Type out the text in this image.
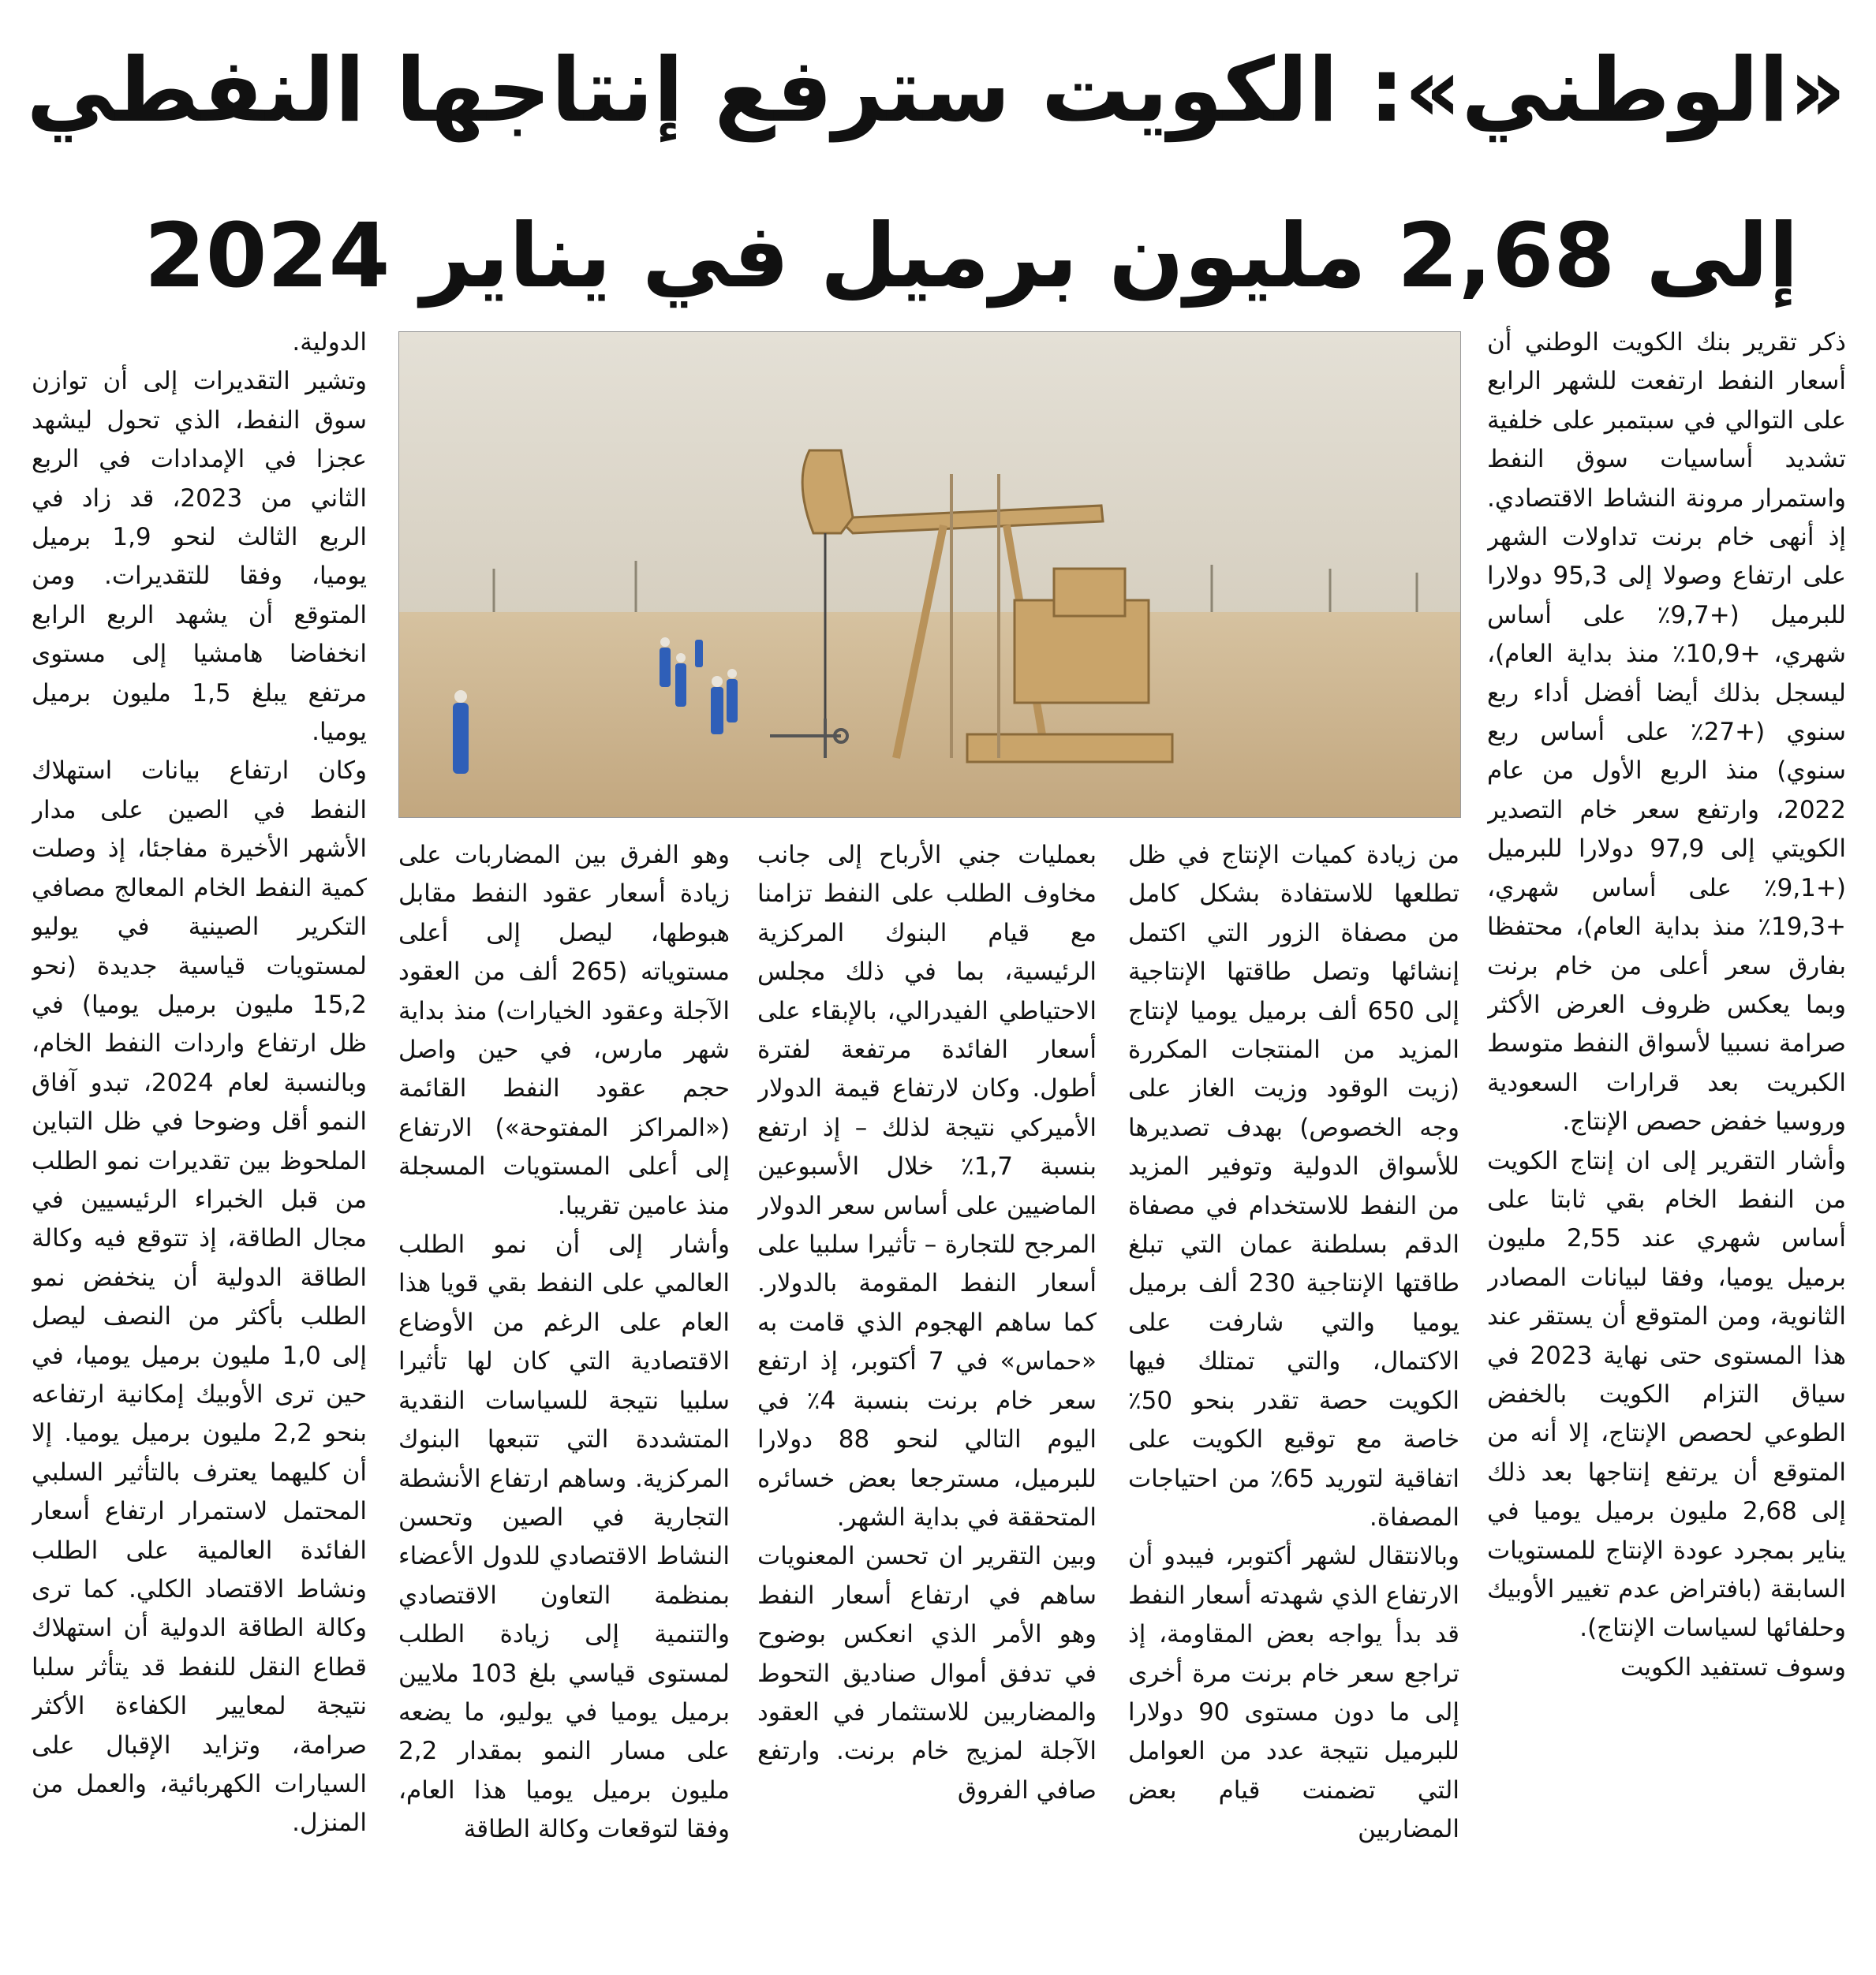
«الوطني»: الكويت سترفع إنتاجها النفطي
إلى 2,68 مليون برميل في يناير 2024

ذكر تقرير بنك الكويت الوطني أن أسعار النفط ارتفعت للشهر الرابع على التوالي في سبتمبر على خلفية تشديد أساسيات سوق النفط واستمرار مرونة النشاط الاقتصادي. إذ أنهى خام برنت تداولات الشهر على ارتفاع وصولا إلى 95,3 دولارا للبرميل (+9,7٪ على أساس شهري، +10,9٪ منذ بداية العام)، ليسجل بذلك أيضا أفضل أداء ربع سنوي (+27٪ على أساس ربع سنوي) منذ الربع الأول من عام 2022، وارتفع سعر خام التصدير الكويتي إلى 97,9 دولارا للبرميل (+9,1٪ على أساس شهري، +19,3٪ منذ بداية العام)، محتفظا بفارق سعر أعلى من خام برنت وبما يعكس ظروف العرض الأكثر صرامة نسبيا لأسواق النفط متوسط الكبريت بعد قرارات السعودية وروسيا خفض حصص الإنتاج.

وأشار التقرير إلى ان إنتاج الكويت من النفط الخام بقي ثابتا على أساس شهري عند 2,55 مليون برميل يوميا، وفقا لبيانات المصادر الثانوية، ومن المتوقع أن يستقر عند هذا المستوى حتى نهاية 2023 في سياق التزام الكويت بالخفض الطوعي لحصص الإنتاج، إلا أنه من المتوقع أن يرتفع إنتاجها بعد ذلك إلى 2,68 مليون برميل يوميا في يناير بمجرد عودة الإنتاج للمستويات السابقة (بافتراض عدم تغيير الأوبيك وحلفائها لسياسات الإنتاج).

وسوف تستفيد الكويت

من زيادة كميات الإنتاج في ظل تطلعها للاستفادة بشكل كامل من مصفاة الزور التي اكتمل إنشائها وتصل طاقتها الإنتاجية إلى 650 ألف برميل يوميا لإنتاج المزيد من المنتجات المكررة (زيت الوقود وزيت الغاز على وجه الخصوص) بهدف تصديرها للأسواق الدولية وتوفير المزيد من النفط للاستخدام في مصفاة الدقم بسلطنة عمان التي تبلغ طاقتها الإنتاجية 230 ألف برميل يوميا والتي شارفت على الاكتمال، والتي تمتلك فيها الكويت حصة تقدر بنحو 50٪ خاصة مع توقيع الكويت على اتفاقية لتوريد 65٪ من احتياجات المصفاة.

وبالانتقال لشهر أكتوبر، فيبدو أن الارتفاع الذي شهدته أسعار النفط قد بدأ يواجه بعض المقاومة، إذ تراجع سعر خام برنت مرة أخرى إلى ما دون مستوى 90 دولارا للبرميل نتيجة عدد من العوامل التي تضمنت قيام بعض المضاربين

بعمليات جني الأرباح إلى جانب مخاوف الطلب على النفط تزامنا مع قيام البنوك المركزية الرئيسية، بما في ذلك مجلس الاحتياطي الفيدرالي، بالإبقاء على أسعار الفائدة مرتفعة لفترة أطول. وكان لارتفاع قيمة الدولار الأميركي نتيجة لذلك – إذ ارتفع بنسبة 1,7٪ خلال الأسبوعين الماضيين على أساس سعر الدولار المرجح للتجارة – تأثيرا سلبيا على أسعار النفط المقومة بالدولار. كما ساهم الهجوم الذي قامت به «حماس» في 7 أكتوبر، إذ ارتفع سعر خام برنت بنسبة 4٪ في اليوم التالي لنحو 88 دولارا للبرميل، مسترجعا بعض خسائره المتحققة في بداية الشهر.

وبين التقرير ان تحسن المعنويات ساهم في ارتفاع أسعار النفط وهو الأمر الذي انعكس بوضوح في تدفق أموال صناديق التحوط والمضاربين للاستثمار في العقود الآجلة لمزيج خام برنت. وارتفع صافي الفروق

وهو الفرق بين المضاربات على زيادة أسعار عقود النفط مقابل هبوطها، ليصل إلى أعلى مستوياته (265 ألف من العقود الآجلة وعقود الخيارات) منذ بداية شهر مارس، في حين واصل حجم عقود النفط القائمة («المراكز المفتوحة») الارتفاع إلى أعلى المستويات المسجلة منذ عامين تقريبا.

وأشار إلى أن نمو الطلب العالمي على النفط بقي قويا هذا العام على الرغم من الأوضاع الاقتصادية التي كان لها تأثيرا سلبيا نتيجة للسياسات النقدية المتشددة التي تتبعها البنوك المركزية. وساهم ارتفاع الأنشطة التجارية في الصين وتحسن النشاط الاقتصادي للدول الأعضاء بمنظمة التعاون الاقتصادي والتنمية إلى زيادة الطلب لمستوى قياسي بلغ 103 ملايين برميل يوميا في يوليو، ما يضعه على مسار النمو بمقدار 2,2 مليون برميل يوميا هذا العام، وفقا لتوقعات وكالة الطاقة

الدولية.

وتشير التقديرات إلى أن توازن سوق النفط، الذي تحول ليشهد عجزا في الإمدادات في الربع الثاني من 2023، قد زاد في الربع الثالث لنحو 1,9 برميل يوميا، وفقا للتقديرات. ومن المتوقع أن يشهد الربع الرابع انخفاضا هامشيا إلى مستوى مرتفع يبلغ 1,5 مليون برميل يوميا.

وكان ارتفاع بيانات استهلاك النفط في الصين على مدار الأشهر الأخيرة مفاجئا، إذ وصلت كمية النفط الخام المعالج مصافي التكرير الصينية في يوليو لمستويات قياسية جديدة (نحو 15,2 مليون برميل يوميا) في ظل ارتفاع واردات النفط الخام، وبالنسبة لعام 2024، تبدو آفاق النمو أقل وضوحا في ظل التباين الملحوظ بين تقديرات نمو الطلب من قبل الخبراء الرئيسيين في مجال الطاقة، إذ تتوقع فيه وكالة الطاقة الدولية أن ينخفض نمو الطلب بأكثر من النصف ليصل إلى 1,0 مليون برميل يوميا، في حين ترى الأوبيك إمكانية ارتفاعه بنحو 2,2 مليون برميل يوميا. إلا أن كليهما يعترف بالتأثير السلبي المحتمل لاستمرار ارتفاع أسعار الفائدة العالمية على الطلب ونشاط الاقتصاد الكلي. كما ترى وكالة الطاقة الدولية أن استهلاك قطاع النقل للنفط قد يتأثر سلبا نتيجة لمعايير الكفاءة الأكثر صرامة، وتزايد الإقبال على السيارات الكهربائية، والعمل من المنزل.
